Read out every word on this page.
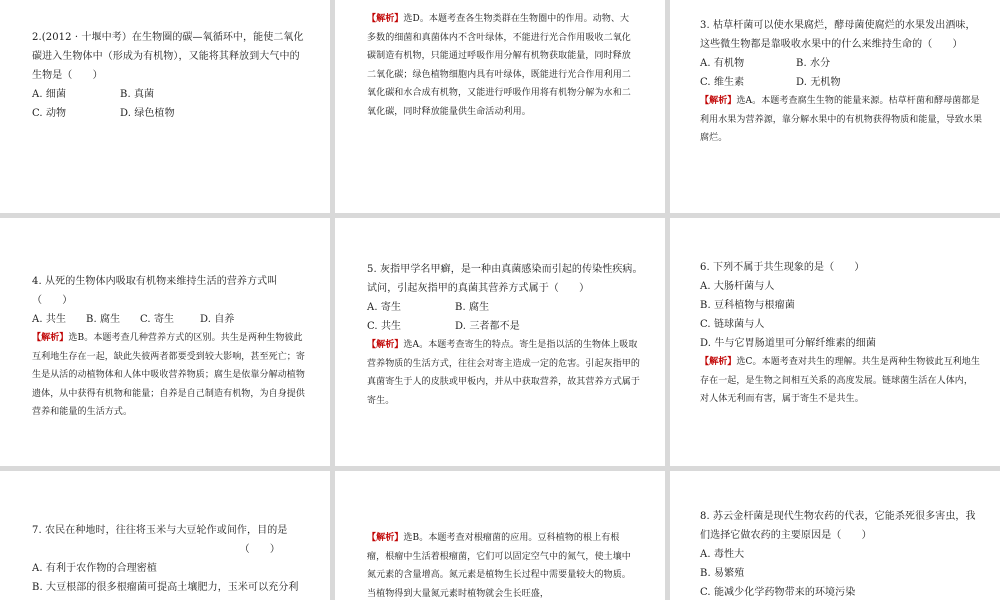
2.(2012 · 十堰中考）在生物圈的碳—氧循环中，能使二氧化碳进入生物体中（形成为有机物），又能将其释放到大气中的生物是（　　）
A. 细菌	B. 真菌
C. 动物	D. 绿色植物
【解析】选D。本题考查各生物类群在生物圈中的作用。动物、大多数的细菌和真菌体内不含叶绿体，不能进行光合作用吸收二氧化碳制造有机物，只能通过呼吸作用分解有机物获取能量，同时释放二氧化碳；绿色植物细胞内具有叶绿体，既能进行光合作用利用二氧化碳和水合成有机物，又能进行呼吸作用将有机物分解为水和二氧化碳，同时释放能量供生命活动利用。
3. 枯草杆菌可以使水果腐烂，酵母菌使腐烂的水果发出酒味，这些微生物都是靠吸收水果中的什么来维持生命的（　　）
A. 有机物	B. 水分
C. 维生素	D. 无机物
【解析】选A。本题考查腐生生物的能量来源。枯草杆菌和酵母菌都是利用水果为营养源，靠分解水果中的有机物获得物质和能量，导致水果腐烂。
4. 从死的生物体内吸取有机物来维持生活的营养方式叫（　　）
A. 共生	B. 腐生	C. 寄生	D. 自养
【解析】选B。本题考查几种营养方式的区别。共生是两种生物彼此互利地生存在一起，缺此失彼两者都要受到较大影响，甚至死亡；寄生是从活的动植物体和人体中吸收营养物质；腐生是依靠分解动植物遗体，从中获得有机物和能量；自养是自己制造有机物，为自身提供营养和能量的生活方式。
5. 灰指甲学名甲癣，是一种由真菌感染而引起的传染性疾病。试问，引起灰指甲的真菌其营养方式属于（　　）
A. 寄生	B. 腐生
C. 共生	D. 三者都不是
【解析】选A。本题考查寄生的特点。寄生是指以活的生物体上吸取营养物质的生活方式，往往会对寄主造成一定的危害。引起灰指甲的真菌寄生于人的皮肤或甲板内，并从中获取营养，故其营养方式属于寄生。
6. 下列不属于共生现象的是（　　）
A. 大肠杆菌与人
B. 豆科植物与根瘤菌
C. 链球菌与人
D. 牛与它胃肠道里可分解纤维素的细菌
【解析】选C。本题考查对共生的理解。共生是两种生物彼此互利地生存在一起，是生物之间相互关系的高度发展。链球菌生活在人体内，对人体无利而有害，属于寄生不是共生。
7. 农民在种地时，往往将玉米与大豆轮作或间作，目的是
（　　）
A. 有利于农作物的合理密植
B. 大豆根部的很多根瘤菌可提高土壤肥力，玉米可以充分利
【解析】选B。本题考查对根瘤菌的应用。豆科植物的根上有根瘤，根瘤中生活着根瘤菌，它们可以固定空气中的氮气，使土壤中氮元素的含量增高。氮元素是植物生长过程中需要量较大的物质。当植物得到大量氮元素时植物就会生长旺盛，
8. 苏云金杆菌是现代生物农药的代表，它能杀死很多害虫，我们选择它做农药的主要原因是（　　）
A. 毒性大
B. 易繁殖
C. 能减少化学药物带来的环境污染
